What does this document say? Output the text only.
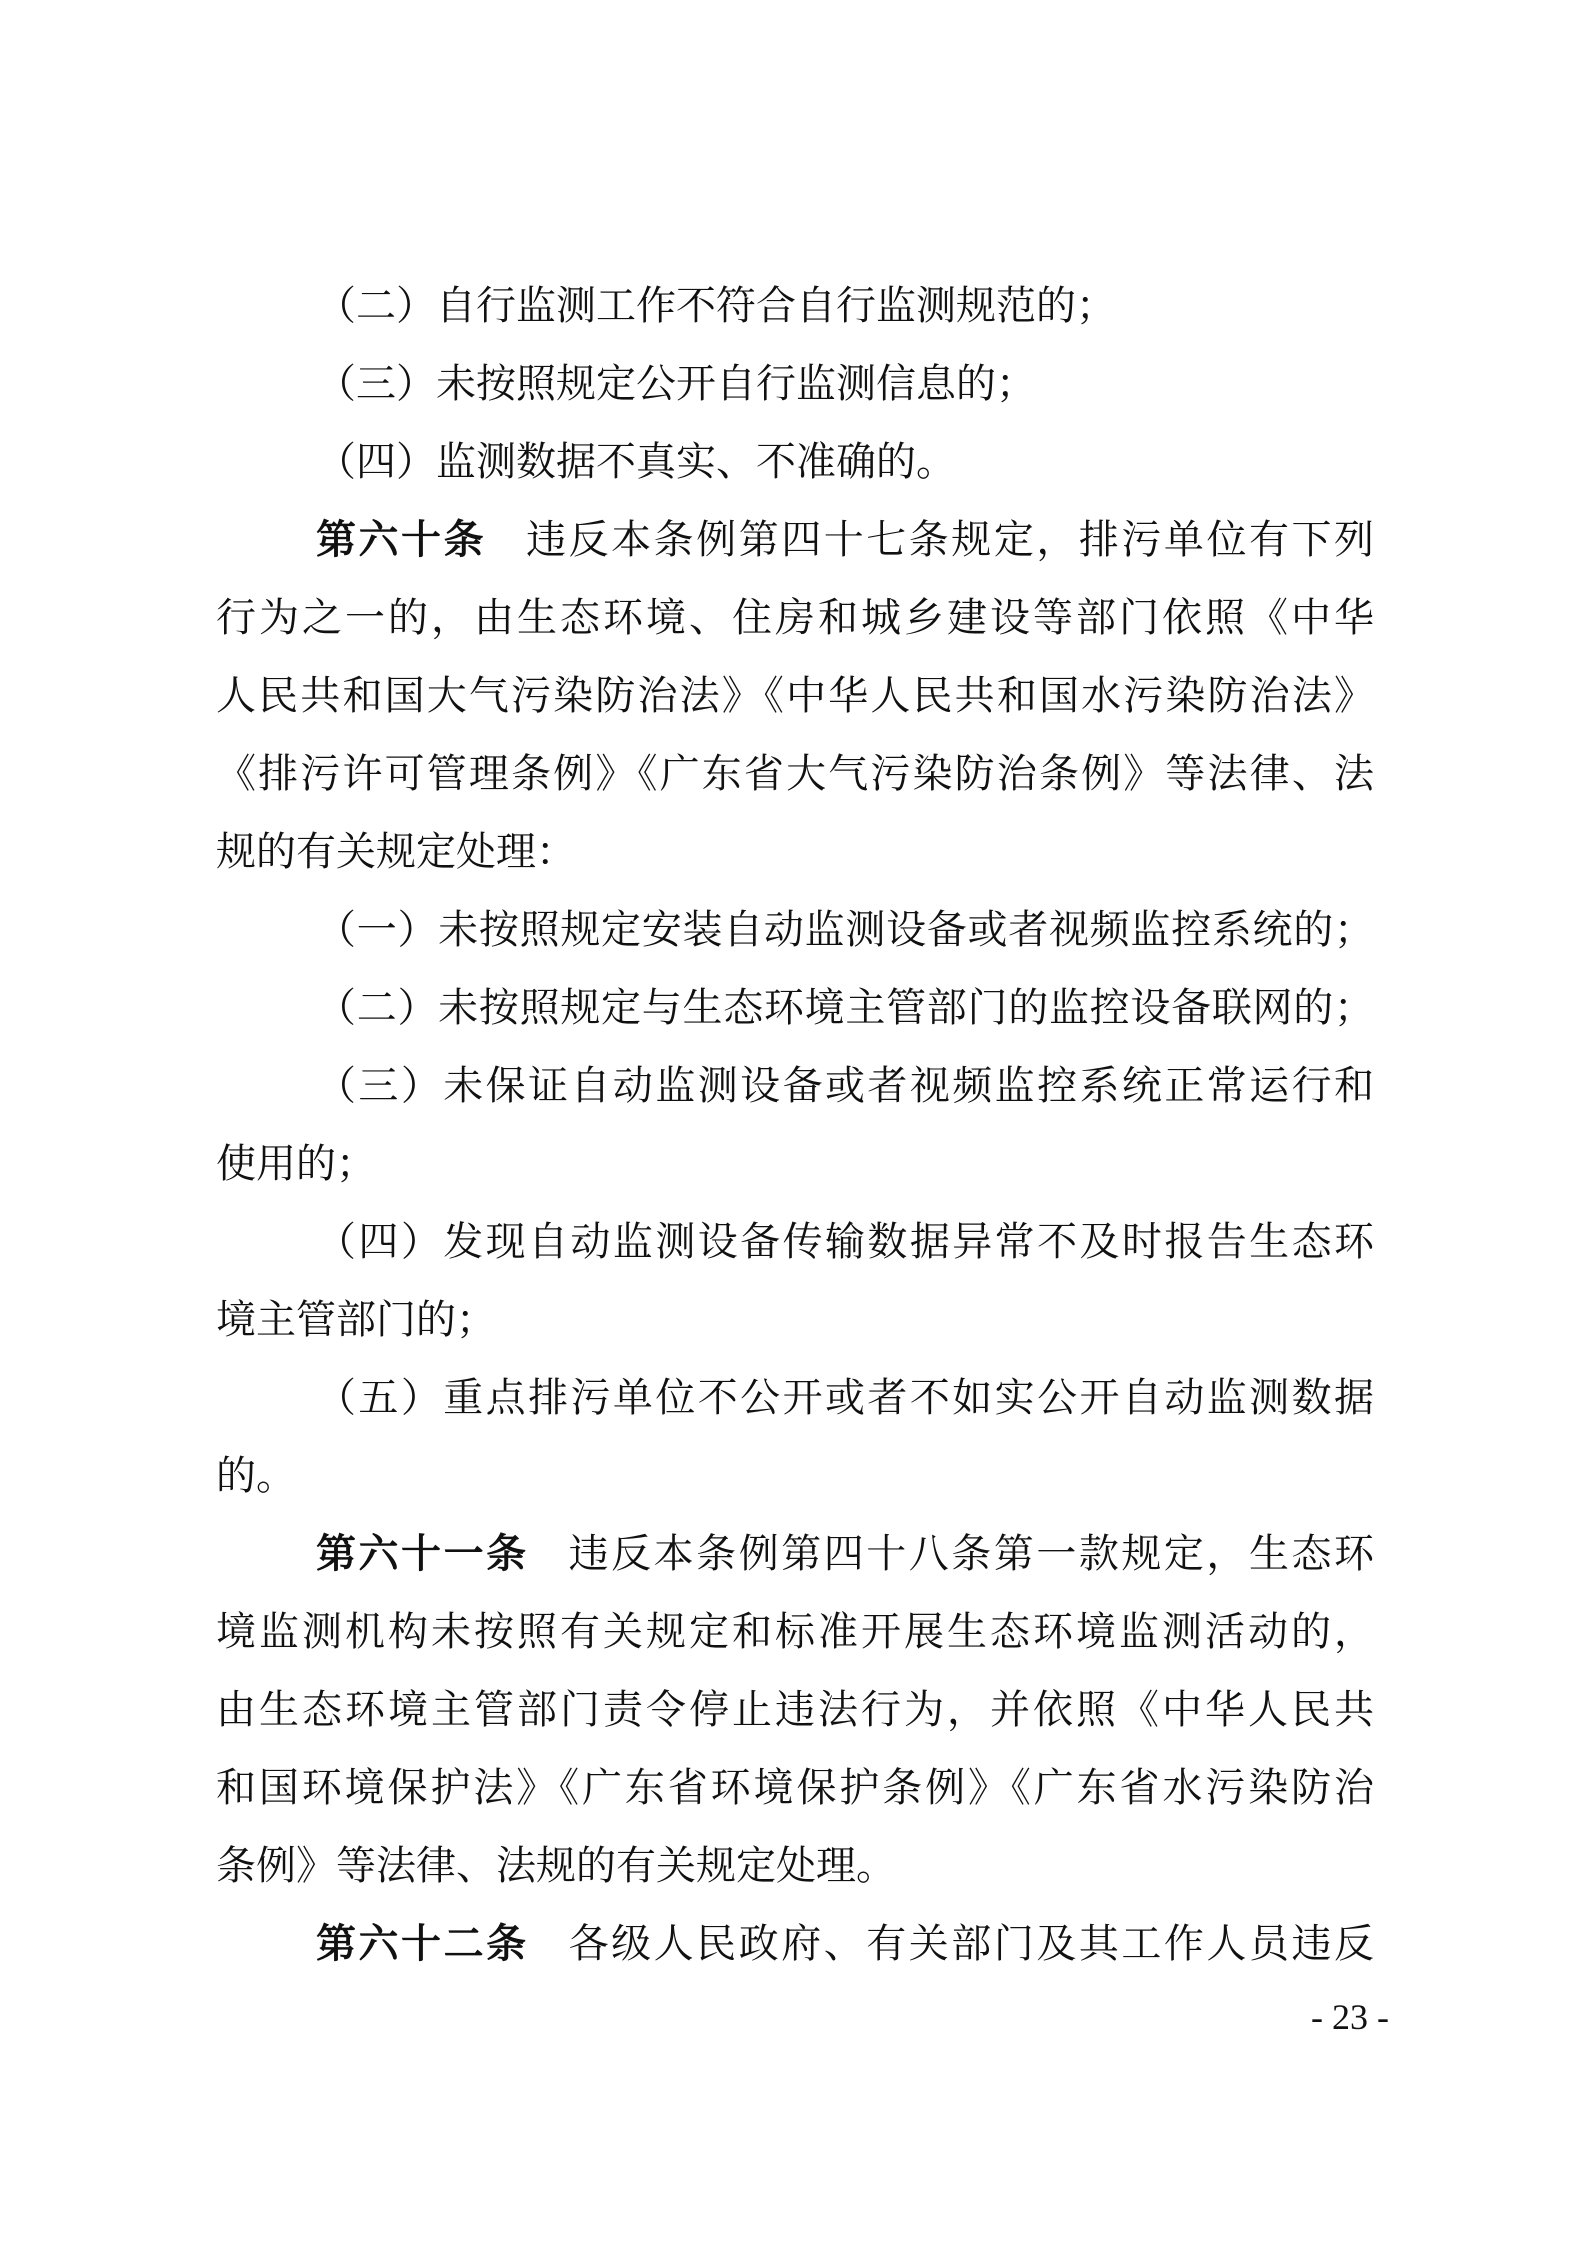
（二）自行监测工作不符合自行监测规范的；
（三）未按照规定公开自行监测信息的；
（四）监测数据不真实、不准确的。
第六十条 违反本条例第四十七条规定，排污单位有下列
行为之一的，由生态环境、住房和城乡建设等部门依照《中华
人民共和国大气污染防治法》《中华人民共和国水污染防治法》
《排污许可管理条例》《广东省大气污染防治条例》等法律、法
规的有关规定处理：
（一）未按照规定安装自动监测设备或者视频监控系统的；
（二）未按照规定与生态环境主管部门的监控设备联网的；
（三）未保证自动监测设备或者视频监控系统正常运行和
使用的；
（四）发现自动监测设备传输数据异常不及时报告生态环
境主管部门的；
（五）重点排污单位不公开或者不如实公开自动监测数据
的。
第六十一条 违反本条例第四十八条第一款规定，生态环
境监测机构未按照有关规定和标准开展生态环境监测活动的，
由生态环境主管部门责令停止违法行为，并依照《中华人民共
和国环境保护法》《广东省环境保护条例》《广东省水污染防治
条例》等法律、法规的有关规定处理。
第六十二条 各级人民政府、有关部门及其工作人员违反
- 23 -
